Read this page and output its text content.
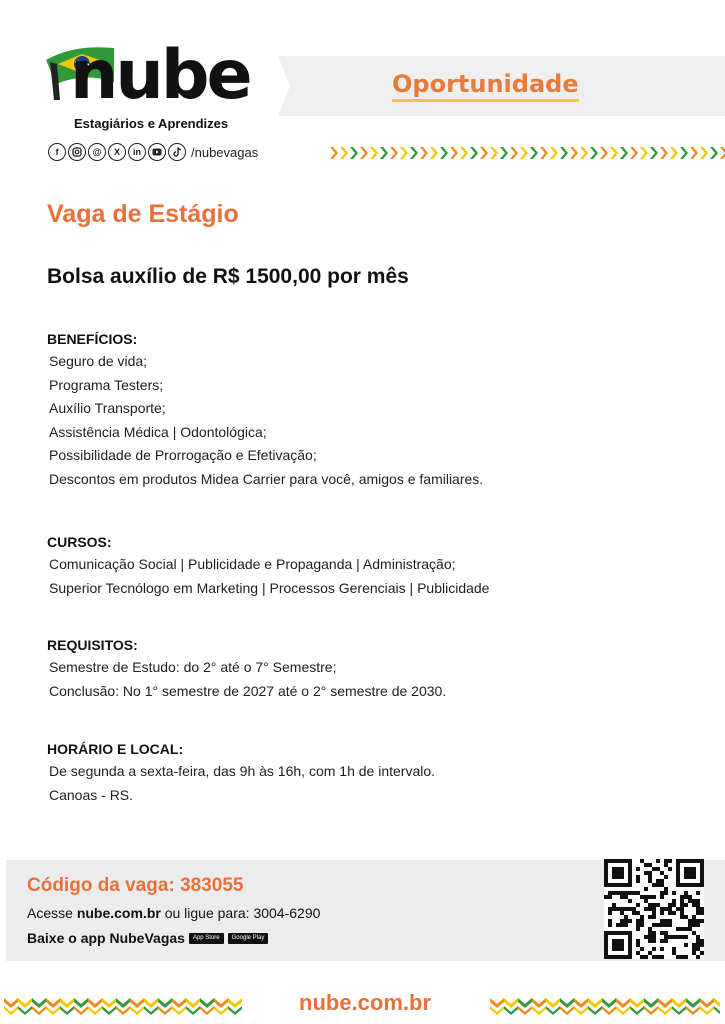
nube
Estagiários e Aprendizes
Oportunidade
f	@	X	in	/nubevagas
Vaga de Estágio
Bolsa auxílio de R$ 1500,00 por mês
BENEFÍCIOS:
Seguro de vida;
Programa Testers;
Auxílio Transporte;
Assistência Médica | Odontológica;
Possibilidade de Prorrogação e Efetivação;
Descontos em produtos Midea Carrier para você, amigos e familiares.
CURSOS:
Comunicação Social | Publicidade e Propaganda | Administração;
Superior Tecnólogo em Marketing | Processos Gerenciais | Publicidade
REQUISITOS:
Semestre de Estudo: do 2° até o 7° Semestre;
Conclusão: No 1° semestre de 2027 até o 2° semestre de 2030.
HORÁRIO E LOCAL:
De segunda a sexta-feira, das 9h às 16h, com 1h de intervalo.
Canoas - RS.
Código da vaga: 383055
Acesse nube.com.br ou ligue para: 3004-6290
Baixe o app NubeVagas	App Store	Google Play
nube.com.br
